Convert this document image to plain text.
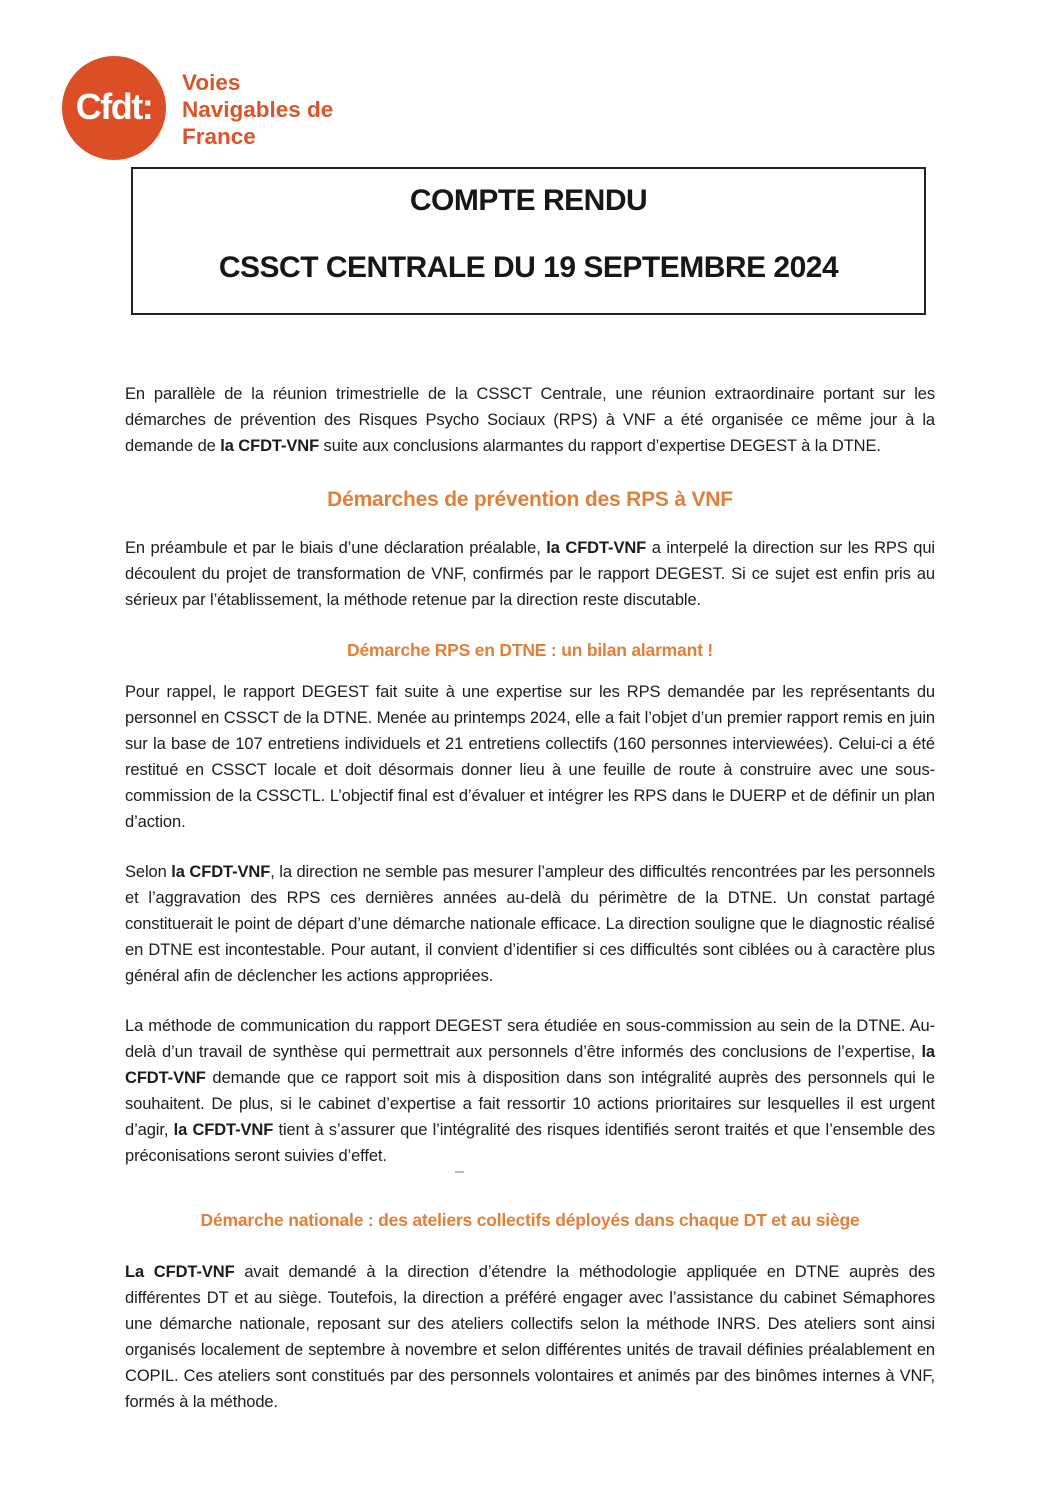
Cfdt:
Voies
Navigables de
France
COMPTE RENDU
CSSCT CENTRALE DU 19 SEPTEMBRE 2024

En parallèle de la réunion trimestrielle de la CSSCT Centrale, une réunion extraordinaire portant sur les démarches de prévention des Risques Psycho Sociaux (RPS) à VNF a été organisée ce même jour à la demande de la CFDT-VNF suite aux conclusions alarmantes du rapport d’expertise DEGEST à la DTNE.

Démarches de prévention des RPS à VNF

En préambule et par le biais d’une déclaration préalable, la CFDT-VNF a interpelé la direction sur les RPS qui découlent du projet de transformation de VNF, confirmés par le rapport DEGEST. Si ce sujet est enfin pris au sérieux par l’établissement, la méthode retenue par la direction reste discutable.

Démarche RPS en DTNE : un bilan alarmant !

Pour rappel, le rapport DEGEST fait suite à une expertise sur les RPS demandée par les représentants du personnel en CSSCT de la DTNE. Menée au printemps 2024, elle a fait l’objet d’un premier rapport remis en juin sur la base de 107 entretiens individuels et 21 entretiens collectifs (160 personnes interviewées). Celui-ci a été restitué en CSSCT locale et doit désormais donner lieu à une feuille de route à construire avec une sous-commission de la CSSCTL. L’objectif final est d’évaluer et intégrer les RPS dans le DUERP et de définir un plan d’action.

Selon la CFDT-VNF, la direction ne semble pas mesurer l’ampleur des difficultés rencontrées par les personnels et l’aggravation des RPS ces dernières années au-delà du périmètre de la DTNE. Un constat partagé constituerait le point de départ d’une démarche nationale efficace. La direction souligne que le diagnostic réalisé en DTNE est incontestable. Pour autant, il convient d’identifier si ces difficultés sont ciblées ou à caractère plus général afin de déclencher les actions appropriées.

La méthode de communication du rapport DEGEST sera étudiée en sous-commission au sein de la DTNE. Au-delà d’un travail de synthèse qui permettrait aux personnels d’être informés des conclusions de l’expertise, la CFDT-VNF demande que ce rapport soit mis à disposition dans son intégralité auprès des personnels qui le souhaitent. De plus, si le cabinet d’expertise a fait ressortir 10 actions prioritaires sur lesquelles il est urgent d’agir, la CFDT-VNF tient à s’assurer que l’intégralité des risques identifiés seront traités et que l’ensemble des préconisations seront suivies d’effet.

Démarche nationale : des ateliers collectifs déployés dans chaque DT et au siège

La CFDT-VNF avait demandé à la direction d’étendre la méthodologie appliquée en DTNE auprès des différentes DT et au siège. Toutefois, la direction a préféré engager avec l’assistance du cabinet Sémaphores une démarche nationale, reposant sur des ateliers collectifs selon la méthode INRS. Des ateliers sont ainsi organisés localement de septembre à novembre et selon différentes unités de travail définies préalablement en COPIL. Ces ateliers sont constitués par des personnels volontaires et animés par des binômes internes à VNF, formés à la méthode.
